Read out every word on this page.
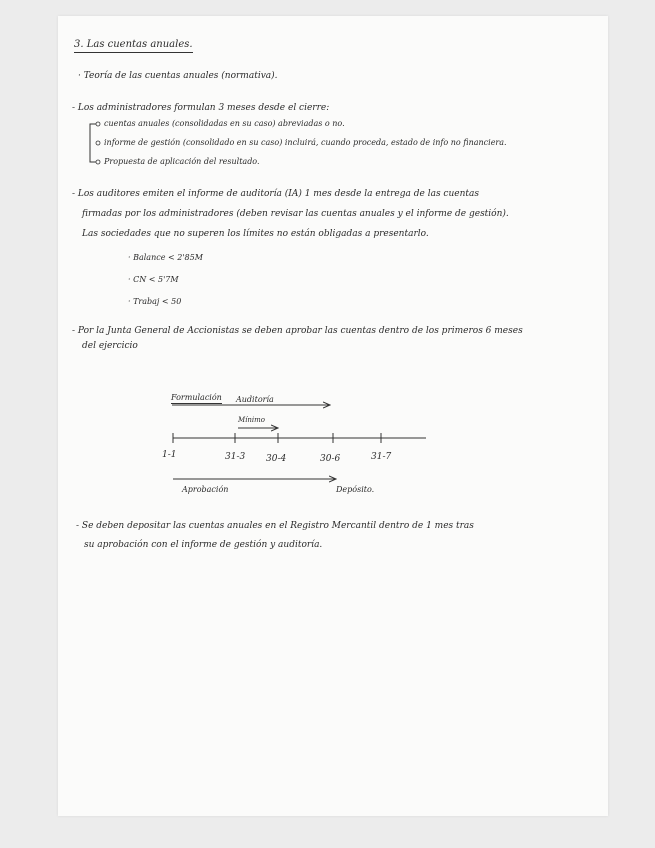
3. Las cuentas anuales.
· Teoría de las cuentas anuales (normativa).
- Los administradores formulan 3 meses desde el cierre:
cuentas anuales (consolidadas en su caso) abreviadas o no.
informe de gestión (consolidado en su caso) incluirá, cuando proceda, estado de info no financiera.
Propuesta de aplicación del resultado.
- Los auditores emiten el informe de auditoría (IA) 1 mes desde la entrega de las cuentas
firmadas por los administradores (deben revisar las cuentas anuales y el informe de gestión).
Las sociedades que no superen los límites no están obligadas a presentarlo.
· Balance < 2'85M
· CN < 5'7M
· Trabaj < 50
- Por la Junta General de Accionistas se deben aprobar las cuentas dentro de los primeros 6 meses
del ejercicio
Formulación Auditoría
Mínimo
1-1	31-3 30-4	30-6	31-7
Aprobación	Depósito.
- Se deben depositar las cuentas anuales en el Registro Mercantil dentro de 1 mes tras
su aprobación con el informe de gestión y auditoría.
